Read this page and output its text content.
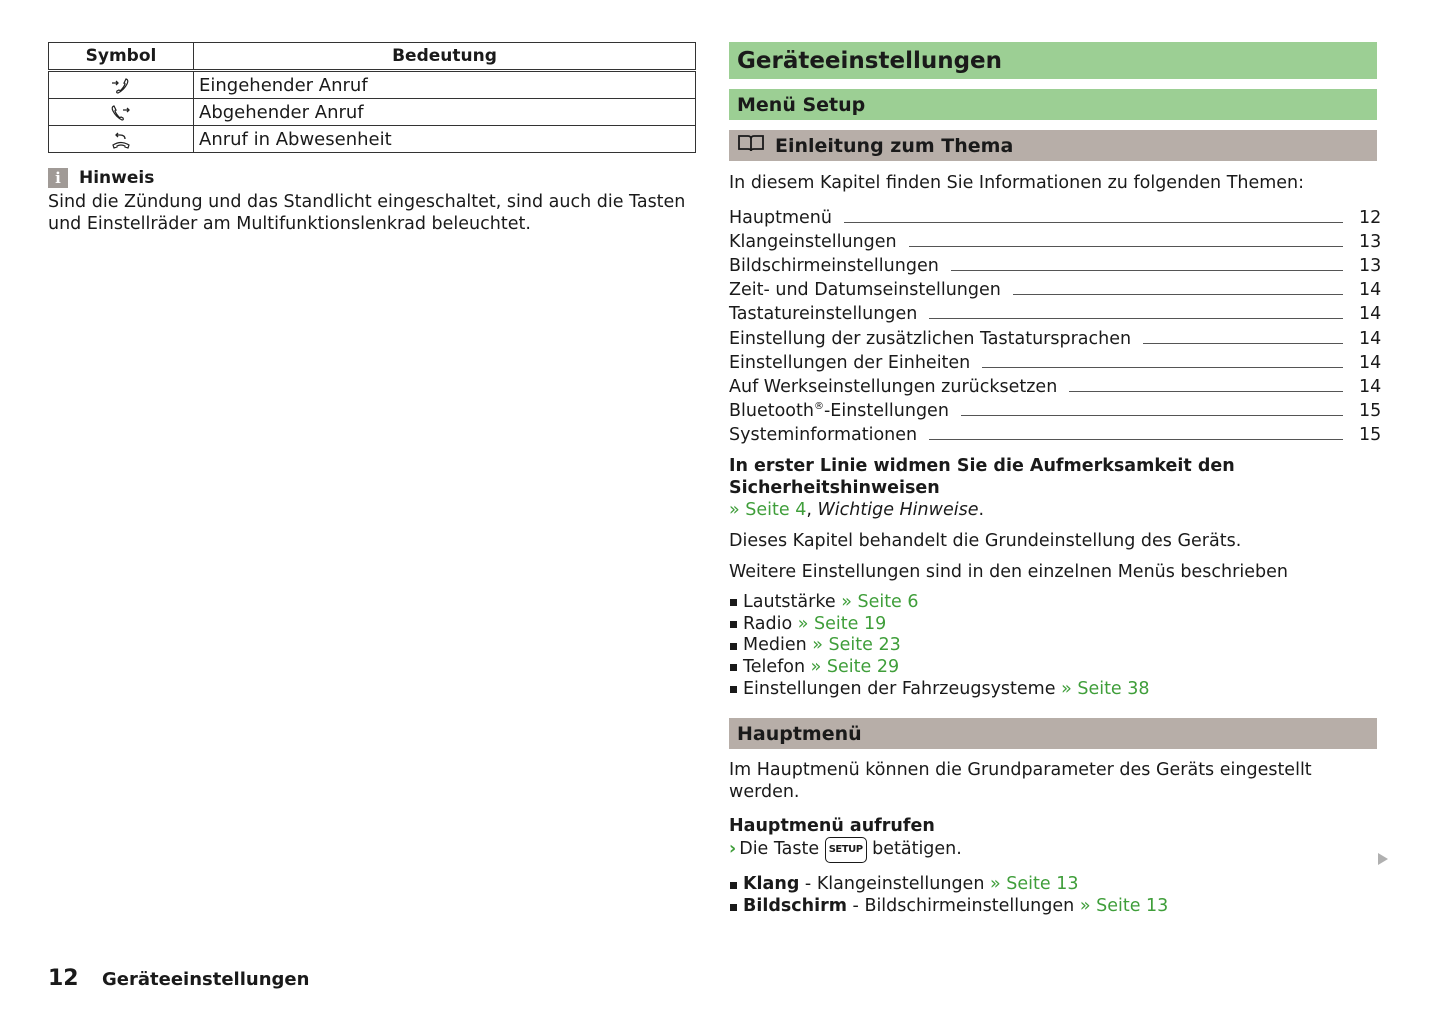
Symbol	Bedeutung
	Eingehender Anruf
	Abgehender Anruf
	Anruf in Abwesenheit
i	Hinweis

Sind die Zündung und das Standlicht eingeschaltet, sind auch die Tasten und Einstellräder am Multifunktionslenkrad beleuchtet.

Geräteeinstellungen
Menü Setup
Einleitung zum Thema

In diesem Kapitel finden Sie Informationen zu folgenden Themen:

Hauptmenü	12
Klangeinstellungen	13
Bildschirmeinstellungen	13
Zeit- und Datumseinstellungen	14
Tastatureinstellungen	14
Einstellung der zusätzlichen Tastatursprachen	14
Einstellungen der Einheiten	14
Auf Werkseinstellungen zurücksetzen	14
Bluetooth®-Einstellungen	15
Systeminformationen	15

In erster Linie widmen Sie die Aufmerksamkeit den Sicherheitshinweisen
» Seite 4, Wichtige Hinweise.

Dieses Kapitel behandelt die Grundeinstellung des Geräts.

Weitere Einstellungen sind in den einzelnen Menüs beschrieben

Lautstärke
» Seite 6
Radio
» Seite 19
Medien
» Seite 23
Telefon
» Seite 29
Einstellungen der Fahrzeugsysteme
» Seite 38
Hauptmenü

Im Hauptmenü können die Grundparameter des Geräts eingestellt werden.

Hauptmenü aufrufen

› Die Taste SETUP betätigen.

Klang - Klangeinstellungen
» Seite 13
Bildschirm - Bildschirmeinstellungen
» Seite 13
12	Geräteeinstellungen
